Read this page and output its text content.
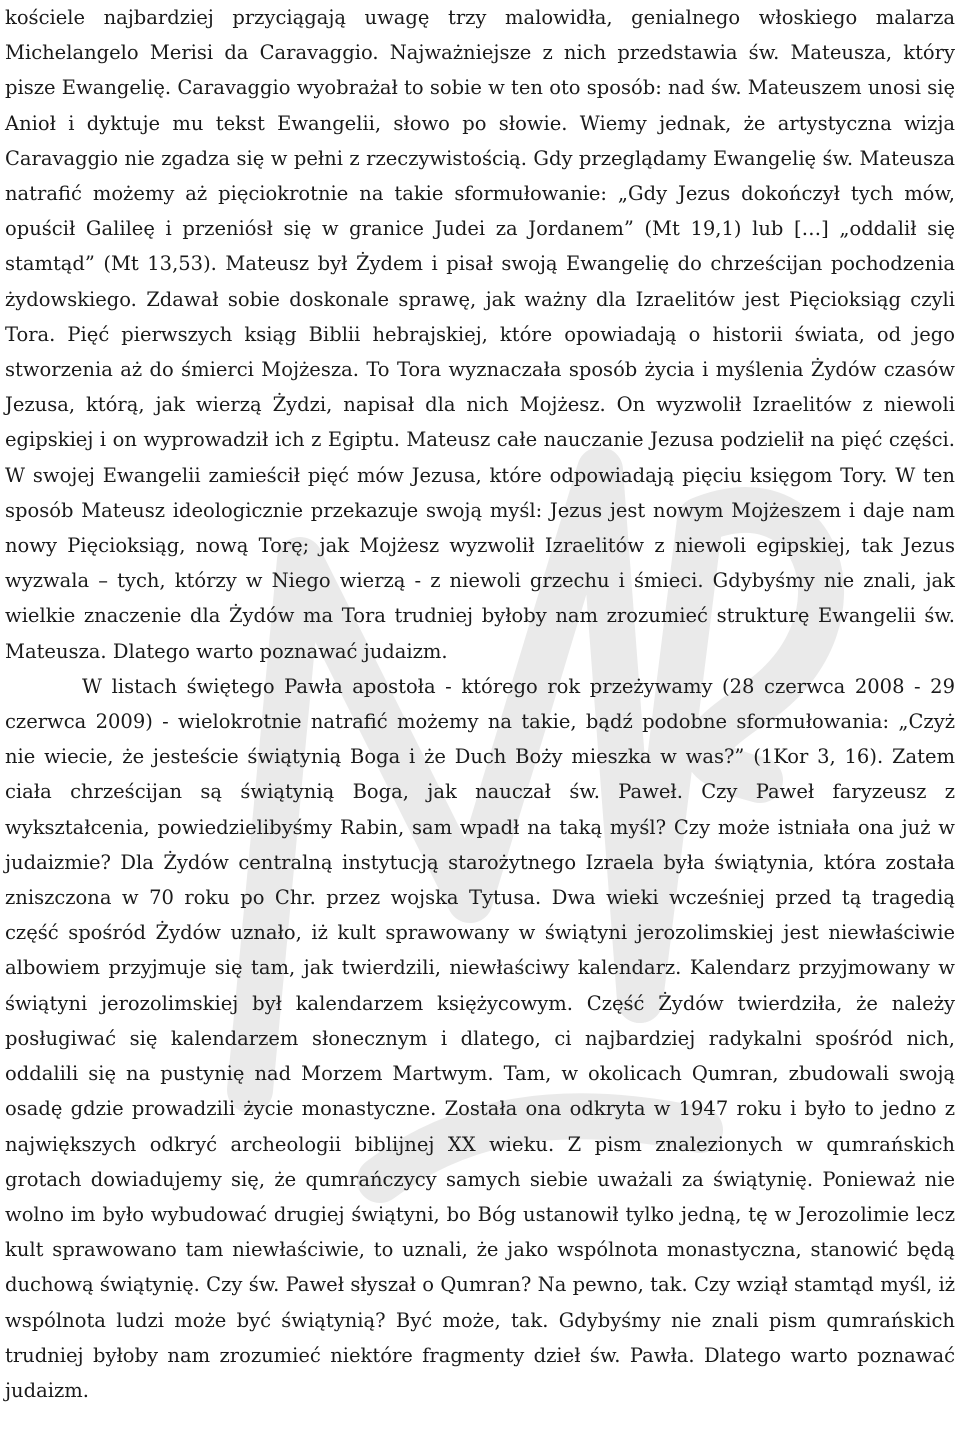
kościele najbardziej przyciągają uwagę trzy malowidła, genialnego włoskiego malarza Michelangelo Merisi da Caravaggio. Najważniejsze z nich przedstawia św. Mateusza, który pisze Ewangelię. Caravaggio wyobrażał to sobie w ten oto sposób: nad św. Mateuszem unosi się Anioł i dyktuje mu tekst Ewangelii, słowo po słowie. Wiemy jednak, że artystyczna wizja Caravaggio nie zgadza się w pełni z rzeczywistością. Gdy przeglądamy Ewangelię św. Mateusza natrafić możemy aż pięciokrotnie na takie sformułowanie: „Gdy Jezus dokończył tych mów, opuścił Galileę i przeniósł się w granice Judei za Jordanem” (Mt 19,1) lub […] „oddalił się stamtąd” (Mt 13,53). Mateusz był Żydem i pisał swoją Ewangelię do chrześcijan pochodzenia żydowskiego. Zdawał sobie doskonale sprawę, jak ważny dla Izraelitów jest Pięcioksiąg czyli Tora. Pięć pierwszych ksiąg Biblii hebrajskiej, które opowiadają o historii świata, od jego stworzenia aż do śmierci Mojżesza. To Tora wyznaczała sposób życia i myślenia Żydów czasów Jezusa, którą, jak wierzą Żydzi, napisał dla nich Mojżesz. On wyzwolił Izraelitów z niewoli egipskiej i on wyprowadził ich z Egiptu. Mateusz całe nauczanie Jezusa podzielił na pięć części. W swojej Ewangelii zamieścił pięć mów Jezusa, które odpowiadają pięciu księgom Tory. W ten sposób Mateusz ideologicznie przekazuje swoją myśl: Jezus jest nowym Mojżeszem i daje nam nowy Pięcioksiąg, nową Torę; jak Mojżesz wyzwolił Izraelitów z niewoli egipskiej, tak Jezus wyzwala – tych, którzy w Niego wierzą - z niewoli grzechu i śmieci. Gdybyśmy nie znali, jak wielkie znaczenie dla Żydów ma Tora trudniej byłoby nam zrozumieć strukturę Ewangelii św. Mateusza. Dlatego warto poznawać judaizm.

W listach świętego Pawła apostoła - którego rok przeżywamy (28 czerwca 2008 - 29 czerwca 2009) - wielokrotnie natrafić możemy na takie, bądź podobne sformułowania: „Czyż nie wiecie, że jesteście świątynią Boga i że Duch Boży mieszka w was?” (1Kor 3, 16). Zatem ciała chrześcijan są świątynią Boga, jak nauczał św. Paweł. Czy Paweł faryzeusz z wykształcenia, powiedzielibyśmy Rabin, sam wpadł na taką myśl? Czy może istniała ona już w judaizmie? Dla Żydów centralną instytucją starożytnego Izraela była świątynia, która została zniszczona w 70 roku po Chr. przez wojska Tytusa. Dwa wieki wcześniej przed tą tragedią część spośród Żydów uznało, iż kult sprawowany w świątyni jerozolimskiej jest niewłaściwie albowiem przyjmuje się tam, jak twierdzili, niewłaściwy kalendarz. Kalendarz przyjmowany w świątyni jerozolimskiej był kalendarzem księżycowym. Część Żydów twierdziła, że należy posługiwać się kalendarzem słonecznym i dlatego, ci najbardziej radykalni spośród nich, oddalili się na pustynię nad Morzem Martwym. Tam, w okolicach Qumran, zbudowali swoją osadę gdzie prowadzili życie monastyczne. Została ona odkryta w 1947 roku i było to jedno z największych odkryć archeologii biblijnej XX wieku. Z pism znalezionych w qumrańskich grotach dowiadujemy się, że qumrańczycy samych siebie uważali za świątynię. Ponieważ nie wolno im było wybudować drugiej świątyni, bo Bóg ustanowił tylko jedną, tę w Jerozolimie lecz kult sprawowano tam niewłaściwie, to uznali, że jako wspólnota monastyczna, stanowić będą duchową świątynię. Czy św. Paweł słyszał o Qumran? Na pewno, tak. Czy wziął stamtąd myśl, iż wspólnota ludzi może być świątynią? Być może, tak. Gdybyśmy nie znali pism qumrańskich trudniej byłoby nam zrozumieć niektóre fragmenty dzieł św. Pawła. Dlatego warto poznawać judaizm.
